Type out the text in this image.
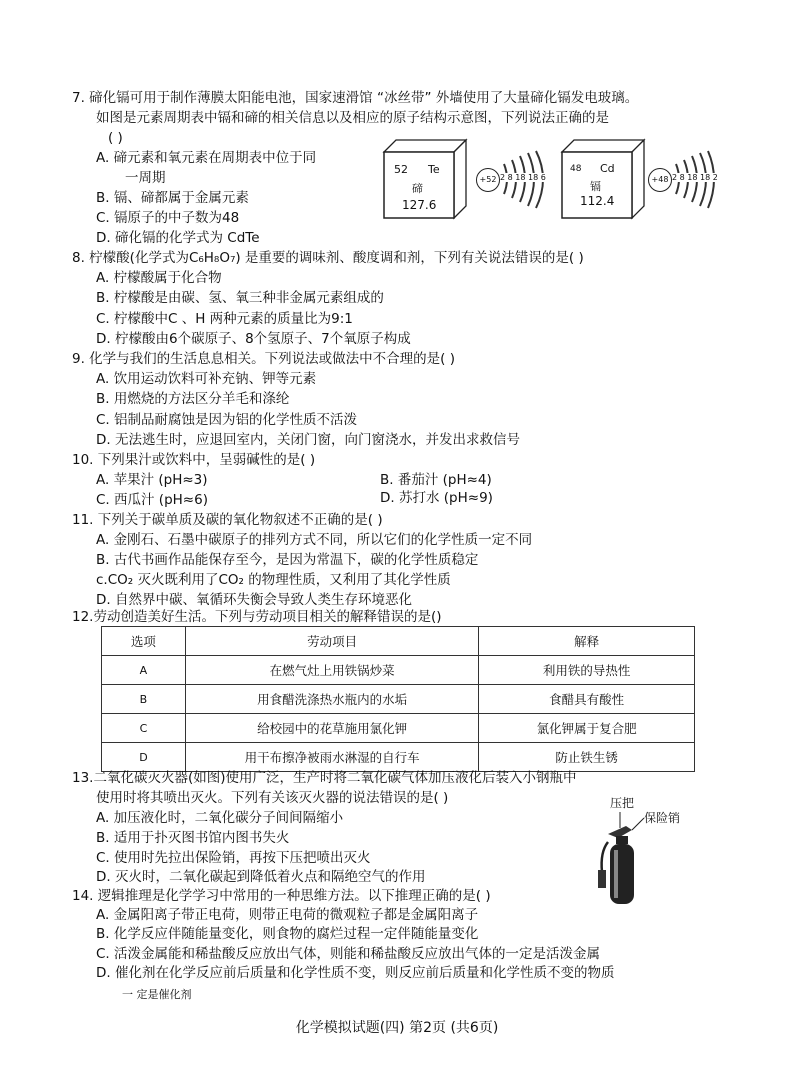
7. 碲化镉可用于制作薄膜太阳能电池，国家速滑馆 “冰丝带” 外墙使用了大量碲化镉发电玻璃。
如图是元素周期表中镉和碲的相关信息以及相应的原子结构示意图，下列说法正确的是
( )
A. 碲元素和氧元素在周期表中位于同
一周期
B. 镉、碲都属于金属元素
C. 镉原子的中子数为48
D. 碲化镉的化学式为 CdTe
52 Te
碲
127.6
+52 2 8 18 18 6
48 Cd
镉
112.4
+48 2 8 18 18 2
8. 柠檬酸(化学式为C₆H₈O₇) 是重要的调味剂、酸度调和剂，下列有关说法错误的是( )
A. 柠檬酸属于化合物
B. 柠檬酸是由碳、氢、氧三种非金属元素组成的
C. 柠檬酸中C 、H 两种元素的质量比为9:1
D. 柠檬酸由6个碳原子、8个氢原子、7个氧原子构成
9. 化学与我们的生活息息相关。下列说法或做法中不合理的是( )
A. 饮用运动饮料可补充钠、钾等元素
B. 用燃烧的方法区分羊毛和涤纶
C. 铝制品耐腐蚀是因为铝的化学性质不活泼
D. 无法逃生时，应退回室内，关闭门窗，向门窗浇水，并发出求救信号
10. 下列果汁或饮料中，呈弱碱性的是( )
A. 苹果汁 (pH≈3)	B. 番茄汁 (pH≈4)
C. 西瓜汁 (pH≈6)	D. 苏打水 (pH≈9)
11. 下列关于碳单质及碳的氧化物叙述不正确的是( )
A. 金刚石、石墨中碳原子的排列方式不同，所以它们的化学性质一定不同
B. 古代书画作品能保存至今，是因为常温下，碳的化学性质稳定
c.CO₂ 灭火既利用了CO₂ 的物理性质，又利用了其化学性质
D. 自然界中碳、氧循环失衡会导致人类生存环境恶化
12.劳动创造美好生活。下列与劳动项目相关的解释错误的是()
选项	劳动项目	解释
A	在燃气灶上用铁锅炒菜	利用铁的导热性
B	用食醋洗涤热水瓶内的水垢	食醋具有酸性
C	给校园中的花草施用氯化钾	氯化钾属于复合肥
D	用干布擦净被雨水淋湿的自行车	防止铁生锈
13.二氧化碳灭火器(如图)使用广泛，生产时将二氧化碳气体加压液化后装入小钢瓶中
使用时将其喷出灭火。下列有关该灭火器的说法错误的是( )
A. 加压液化时，二氧化碳分子间间隔缩小
B. 适用于扑灭图书馆内图书失火
C. 使用时先拉出保险销，再按下压把喷出灭火
D. 灭火时，二氧化碳起到降低着火点和隔绝空气的作用
压把
保险销
14. 逻辑推理是化学学习中常用的一种思维方法。以下推理正确的是( )
A. 金属阳离子带正电荷，则带正电荷的微观粒子都是金属阳离子
B. 化学反应伴随能量变化，则食物的腐烂过程一定伴随能量变化
C. 活泼金属能和稀盐酸反应放出气体，则能和稀盐酸反应放出气体的一定是活泼金属
D. 催化剂在化学反应前后质量和化学性质不变，则反应前后质量和化学性质不变的物质
一 定是催化剂
化学模拟试题(四) 第2页 (共6页)
